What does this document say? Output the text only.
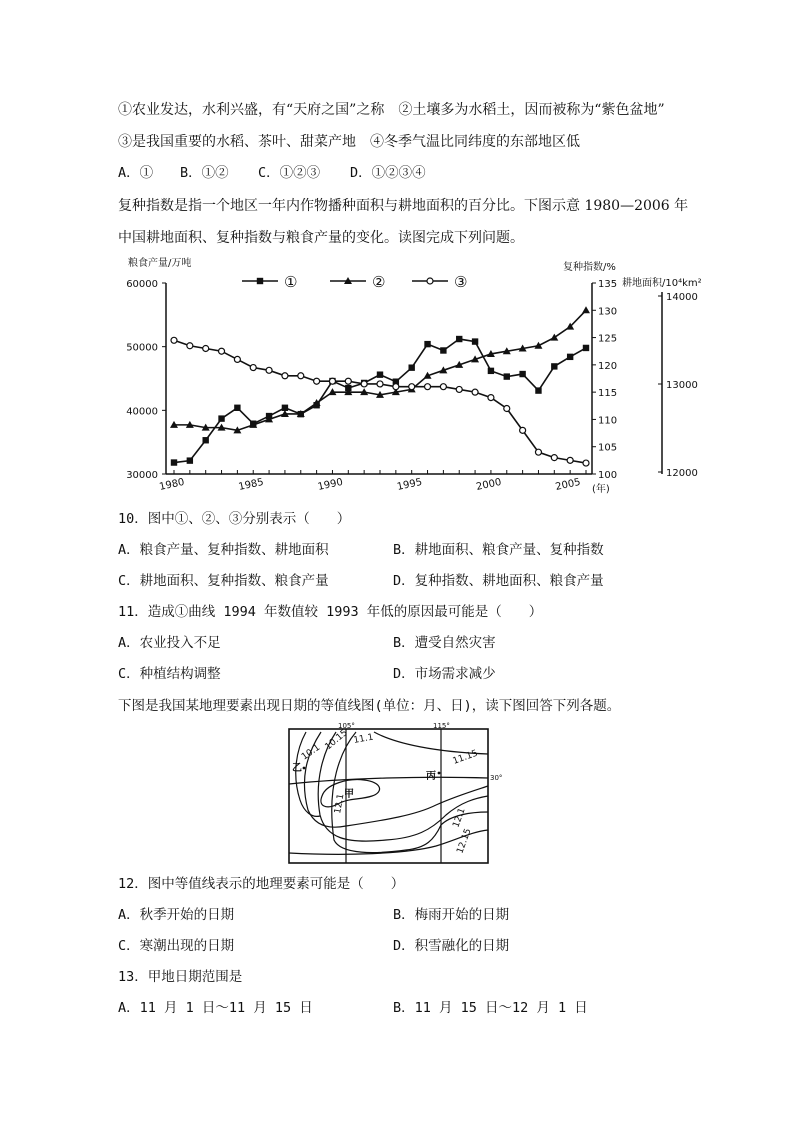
①农业发达，水利兴盛，有“天府之国”之称　②土壤多为水稻土，因而被称为“紫色盆地”
③是我国重要的水稻、茶叶、甜菜产地　④冬季气温比同纬度的东部地区低
A．① B．①② C．①②③ D．①②③④
复种指数是指一个地区一年内作物播种面积与耕地面积的百分比。下图示意 1980—2006 年
中国耕地面积、复种指数与粮食产量的变化。读图完成下列问题。
粮食产量/万吨	复种指数/%
耕地面积/10⁴km²
(年)
30000
40000
50000
60000
100
105
110
115
120
125
130
135
12000
13000
14000
1980	1985	1990	1995	2000	2005
①	②	③
10．图中①、②、③分别表示（　　）
A．粮食产量、复种指数、耕地面积	B．耕地面积、粮食产量、复种指数
C．耕地面积、复种指数、粮食产量	D．复种指数、耕地面积、粮食产量
11．造成①曲线 1994 年数值较 1993 年低的原因最可能是（　　）
A．农业投入不足	B．遭受自然灾害
C．种植结构调整	D．市场需求减少
下图是我国某地理要素出现日期的等值线图(单位：月、日)，读下图回答下列各题。
105°	115°
30°
10.1
10.15 11.1
11.15
12.1
12.1
12.15
乙
丙
甲
12．图中等值线表示的地理要素可能是（　　）
A．秋季开始的日期	B．梅雨开始的日期
C．寒潮出现的日期	D．积雪融化的日期
13．甲地日期范围是
A．11 月 1 日～11 月 15 日	B．11 月 15 日～12 月 1 日
